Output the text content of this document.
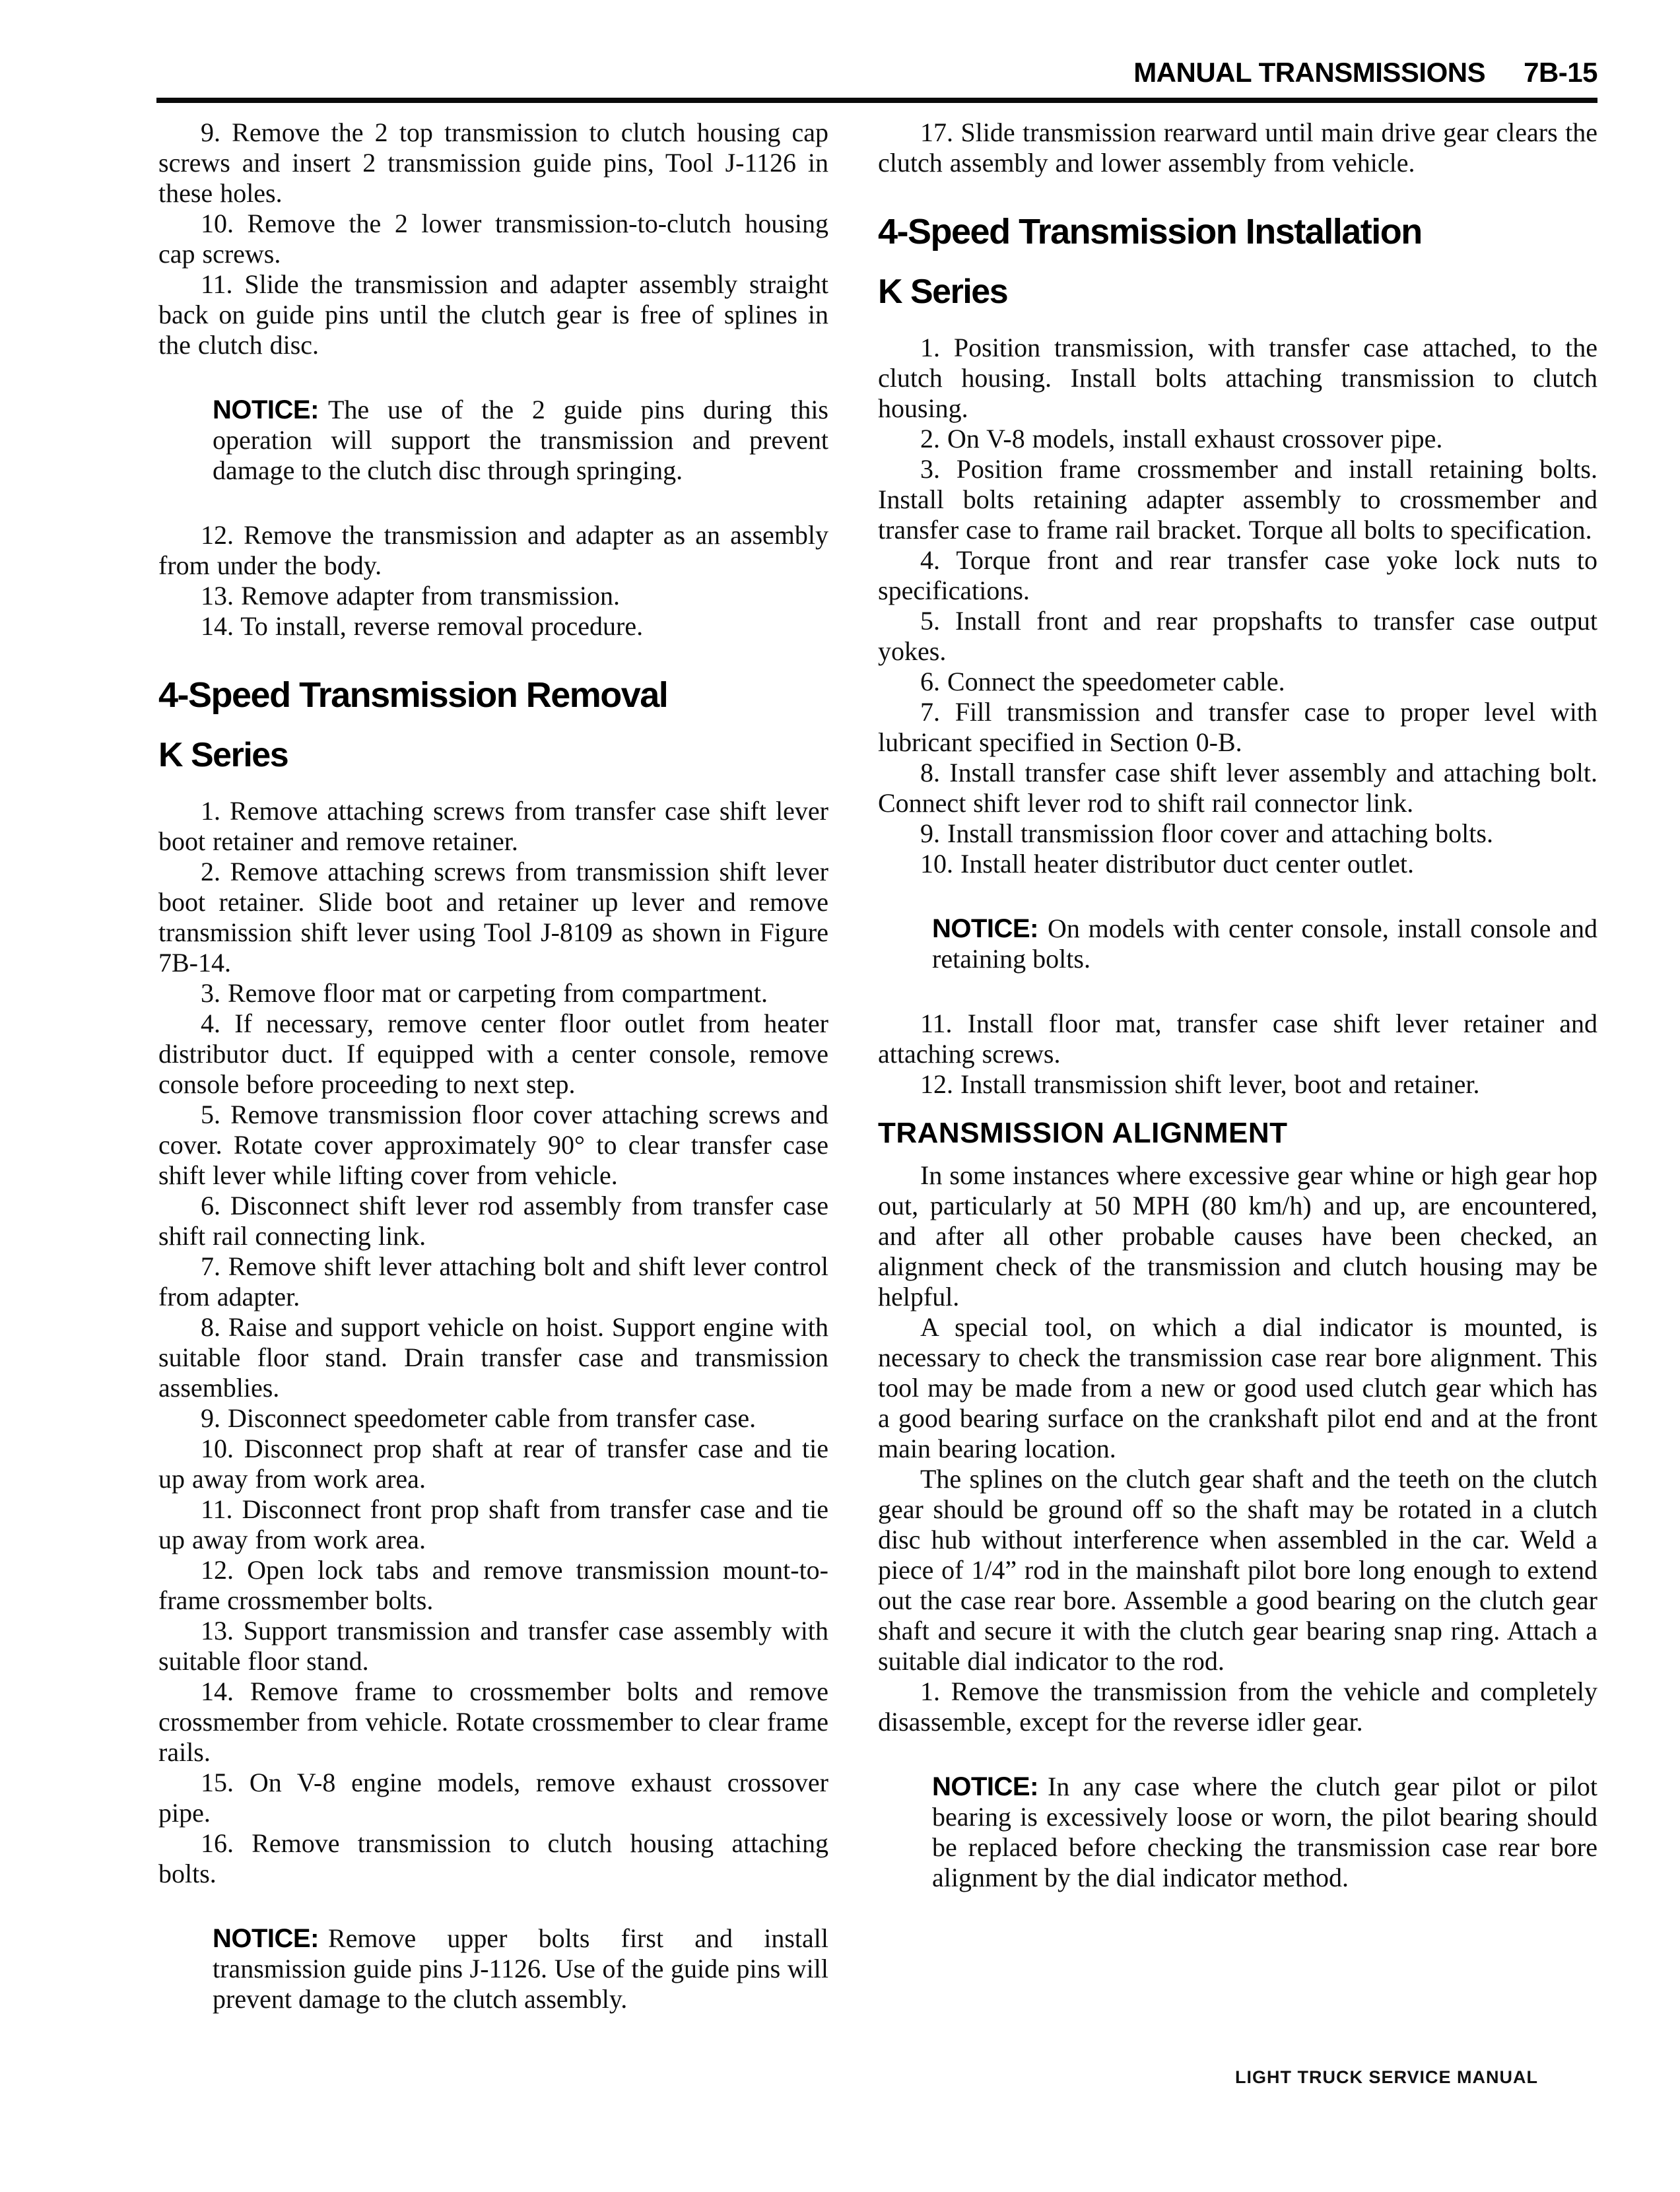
MANUAL TRANSMISSIONS 7B-15

9. Remove the 2 top transmission to clutch housing cap screws and insert 2 transmission guide pins, Tool J-1126 in these holes.

10. Remove the 2 lower transmission-to-clutch housing cap screws.

11. Slide the transmission and adapter assembly straight back on guide pins until the clutch gear is free of splines in the clutch disc.

NOTICE: The use of the 2 guide pins during this operation will support the transmission and prevent damage to the clutch disc through springing.

12. Remove the transmission and adapter as an assembly from under the body.

13. Remove adapter from transmission.

14. To install, reverse removal procedure.

4-Speed Transmission Removal
K Series

1. Remove attaching screws from transfer case shift lever boot retainer and remove retainer.

2. Remove attaching screws from transmission shift lever boot retainer. Slide boot and retainer up lever and remove transmission shift lever using Tool J-8109 as shown in Figure 7B-14.

3. Remove floor mat or carpeting from compartment.

4. If necessary, remove center floor outlet from heater distributor duct. If equipped with a center console, remove console before proceeding to next step.

5. Remove transmission floor cover attaching screws and cover. Rotate cover approximately 90° to clear transfer case shift lever while lifting cover from vehicle.

6. Disconnect shift lever rod assembly from transfer case shift rail connecting link.

7. Remove shift lever attaching bolt and shift lever control from adapter.

8. Raise and support vehicle on hoist. Support engine with suitable floor stand. Drain transfer case and transmission assemblies.

9. Disconnect speedometer cable from transfer case.

10. Disconnect prop shaft at rear of transfer case and tie up away from work area.

11. Disconnect front prop shaft from transfer case and tie up away from work area.

12. Open lock tabs and remove transmission mount-to-frame crossmember bolts.

13. Support transmission and transfer case assembly with suitable floor stand.

14. Remove frame to crossmember bolts and remove crossmember from vehicle. Rotate crossmember to clear frame rails.

15. On V-8 engine models, remove exhaust crossover pipe.

16. Remove transmission to clutch housing attaching bolts.

NOTICE: Remove upper bolts first and install transmission guide pins J-1126. Use of the guide pins will prevent damage to the clutch assembly.

17. Slide transmission rearward until main drive gear clears the clutch assembly and lower assembly from vehicle.

4-Speed Transmission Installation
K Series

1. Position transmission, with transfer case attached, to the clutch housing. Install bolts attaching transmission to clutch housing.

2. On V-8 models, install exhaust crossover pipe.

3. Position frame crossmember and install retaining bolts. Install bolts retaining adapter assembly to crossmember and transfer case to frame rail bracket. Torque all bolts to specification.

4. Torque front and rear transfer case yoke lock nuts to specifications.

5. Install front and rear propshafts to transfer case output yokes.

6. Connect the speedometer cable.

7. Fill transmission and transfer case to proper level with lubricant specified in Section 0-B.

8. Install transfer case shift lever assembly and attaching bolt. Connect shift lever rod to shift rail connector link.

9. Install transmission floor cover and attaching bolts.

10. Install heater distributor duct center outlet.

NOTICE: On models with center console, install console and retaining bolts.

11. Install floor mat, transfer case shift lever retainer and attaching screws.

12. Install transmission shift lever, boot and retainer.

TRANSMISSION ALIGNMENT

In some instances where excessive gear whine or high gear hop out, particularly at 50 MPH (80 km/h) and up, are encountered, and after all other probable causes have been checked, an alignment check of the transmission and clutch housing may be helpful.

A special tool, on which a dial indicator is mounted, is necessary to check the transmission case rear bore alignment. This tool may be made from a new or good used clutch gear which has a good bearing surface on the crankshaft pilot end and at the front main bearing location.

The splines on the clutch gear shaft and the teeth on the clutch gear should be ground off so the shaft may be rotated in a clutch disc hub without interference when assembled in the car. Weld a piece of 1/4” rod in the mainshaft pilot bore long enough to extend out the case rear bore. Assemble a good bearing on the clutch gear shaft and secure it with the clutch gear bearing snap ring. Attach a suitable dial indicator to the rod.

1. Remove the transmission from the vehicle and completely disassemble, except for the reverse idler gear.

NOTICE: In any case where the clutch gear pilot or pilot bearing is excessively loose or worn, the pilot bearing should be replaced before checking the transmission case rear bore alignment by the dial indicator method.

LIGHT TRUCK SERVICE MANUAL
